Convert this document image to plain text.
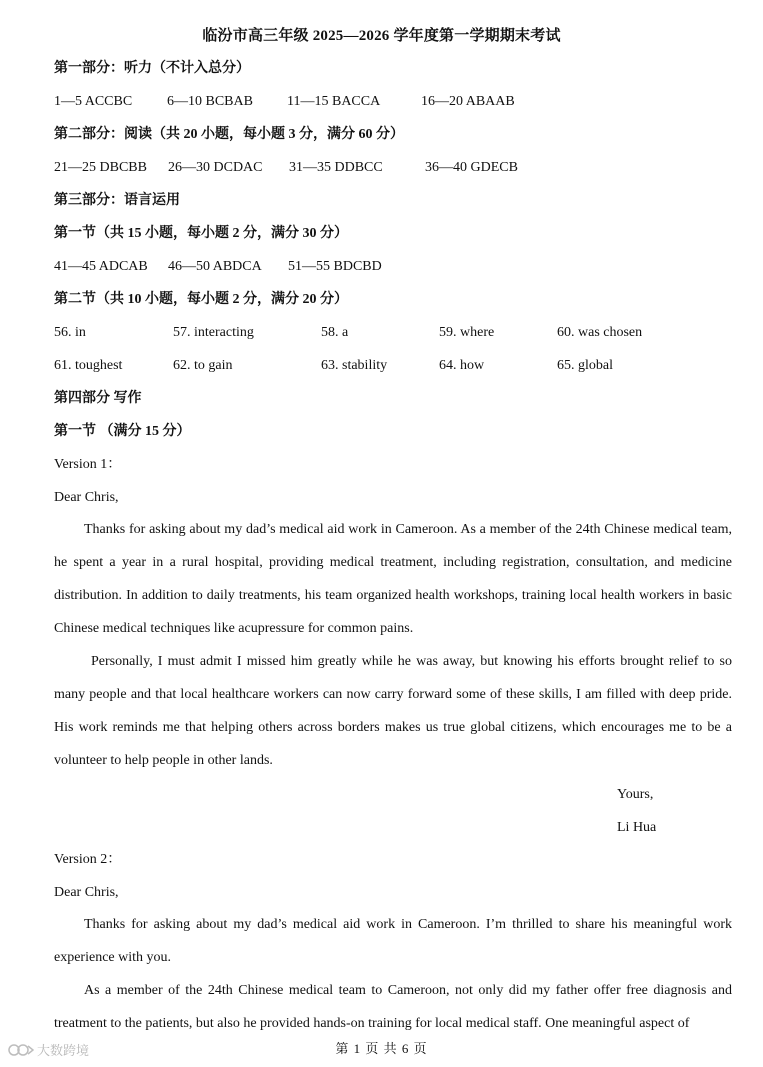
临汾市高三年级 2025—2026 学年度第一学期期末考试
第一部分：听力（不计入总分）
1—5 ACCBC 6—10 BCBAB 11—15 BACCA	16—20 ABAAB
第二部分：阅读（共 20 小题，每小题 3 分，满分 60 分）
21—25 DBCBB 26—30 DCDAC 31—35 DDBCC	36—40 GDECB
第三部分：语言运用
第一节（共 15 小题，每小题 2 分，满分 30 分）
41—45 ADCAB 46—50 ABDCA 51—55 BDCBD
第二节（共 10 小题，每小题 2 分，满分 20 分）
56. in	57. interacting	58. a	59. where	60. was chosen
61. toughest	62. to gain	63. stability	64. how	65. global
第四部分 写作
第一节 （满分 15 分）
Version 1：
Dear Chris,
Thanks for asking about my dad’s medical aid work in Cameroon. As a member of the 24th Chinese medical team, he spent a year in a rural hospital, providing medical treatment, including registration, consultation, and medicine distribution. In addition to daily treatments, his team organized health workshops, training local health workers in basic Chinese medical techniques like acupressure for common pains.
Personally, I must admit I missed him greatly while he was away, but knowing his efforts brought relief to so many people and that local healthcare workers can now carry forward some of these skills, I am filled with deep pride. His work reminds me that helping others across borders makes us true global citizens, which encourages me to be a volunteer to help people in other lands.
Yours,
Li Hua
Version 2：
Dear Chris,
Thanks for asking about my dad’s medical aid work in Cameroon. I’m thrilled to share his meaningful work experience with you.
As a member of the 24th Chinese medical team to Cameroon, not only did my father offer free diagnosis and treatment to the patients, but also he provided hands-on training for local medical staff. One meaningful aspect of
大数跨境	第 1 页 共 6 页
